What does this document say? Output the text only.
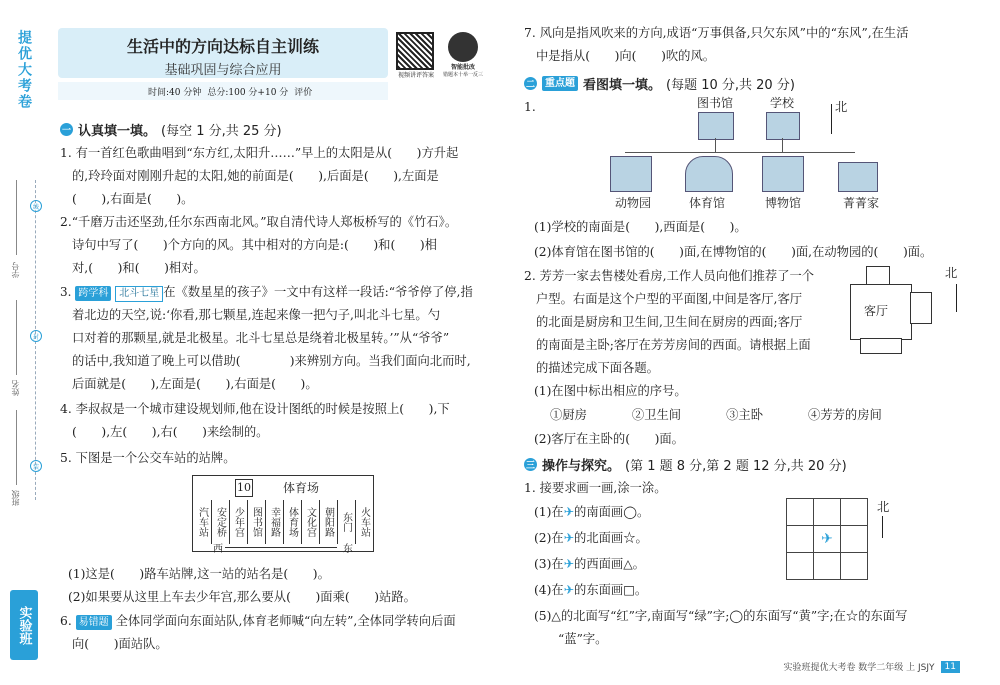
提优大考卷
线
封
装
学号
姓名
班级
实验班
生活中的方向达标自主训练
基础巩固与综合应用
时间:40 分钟 总分:100 分+10 分 评价
视频讲评答案
智能批改
错题本十举一反三
一 认真填一填。 (每空 1 分,共 25 分)
1. 有一首红色歌曲唱到“东方红,太阳升……”早上的太阳是从(　　)方升起
的,玲玲面对刚刚升起的太阳,她的前面是(　　),后面是(　　),左面是
(　　),右面是(　　)。
2.“千磨万击还坚劲,任尔东西南北风。”取自清代诗人郑板桥写的《竹石》。
诗句中写了(　　)个方向的风。其中相对的方向是:(　　)和(　　)相
对,(　　)和(　　)相对。
3. 跨学科 北斗七星 在《数星星的孩子》一文中有这样一段话:“爷爷停了停,指
着北边的天空,说:‘你看,那七颗星,连起来像一把勺子,叫北斗七星。勺
口对着的那颗星,就是北极星。北斗七星总是绕着北极星转。’”从“爷爷”
的话中,我知道了晚上可以借助(　　　　)来辨别方向。当我们面向北而时,
后面就是(　　),左面是(　　),右面是(　　)。
4. 李叔叔是一个城市建设规划师,他在设计图纸的时候是按照上(　　),下
(　　),左(　　),右(　　)来绘制的。
5. 下图是一个公交车站的站牌。
10	体育场
汽车站 安定桥 少年宫 图书馆 幸福路 体育场 文化宫 朝阳路 东门 火车站
西	东
(1)这是(　　)路车站牌,这一站的站名是(　　)。
(2)如果要从这里上车去少年宫,那么要从(　　)面乘(　　)站路。
6. 易错题 全体同学面向东面站队,体育老师喊“向左转”,全体同学转向后面
向(　　)面站队。
7. 风向是指风吹来的方向,成语“万事俱备,只欠东风”中的“东风”,在生活
中是指从(　　)向(　　)吹的风。
二	重点题 看图填一填。 (每题 10 分,共 20 分)
1.	图书馆	学校
动物园	体育馆	博物馆	菁菁家
北
(1)学校的南面是(　　),西面是(　　)。
(2)体育馆在图书馆的(　　)面,在博物馆的(　　)面,在动物园的(　　)面。
2. 芳芳一家去售楼处看房,工作人员向他们推荐了一个
户型。右面是这个户型的平面图,中间是客厅,客厅
的北面是厨房和卫生间,卫生间在厨房的西面;客厅
的南面是主卧;客厅在芳芳房间的西面。请根据上面
的描述完成下面各题。
客厅
北
(1)在图中标出相应的序号。
①厨房	②卫生间	③主卧	④芳芳的房间
(2)客厅在主卧的(　　)面。
三 操作与探究。 (第 1 题 8 分,第 2 题 12 分,共 20 分)
1. 接要求画一画,涂一涂。
(1)在✈的南面画◯。
(2)在✈的北面画☆。
(3)在✈的西面画△。
(4)在✈的东面画□。

	✈	

北
(5)△的北面写“红”字,南面写“绿”字;◯的东面写“黄”字;在☆的东面写
“蓝”字。
实验班提优大考卷 数学二年级 上 JSJY	11
